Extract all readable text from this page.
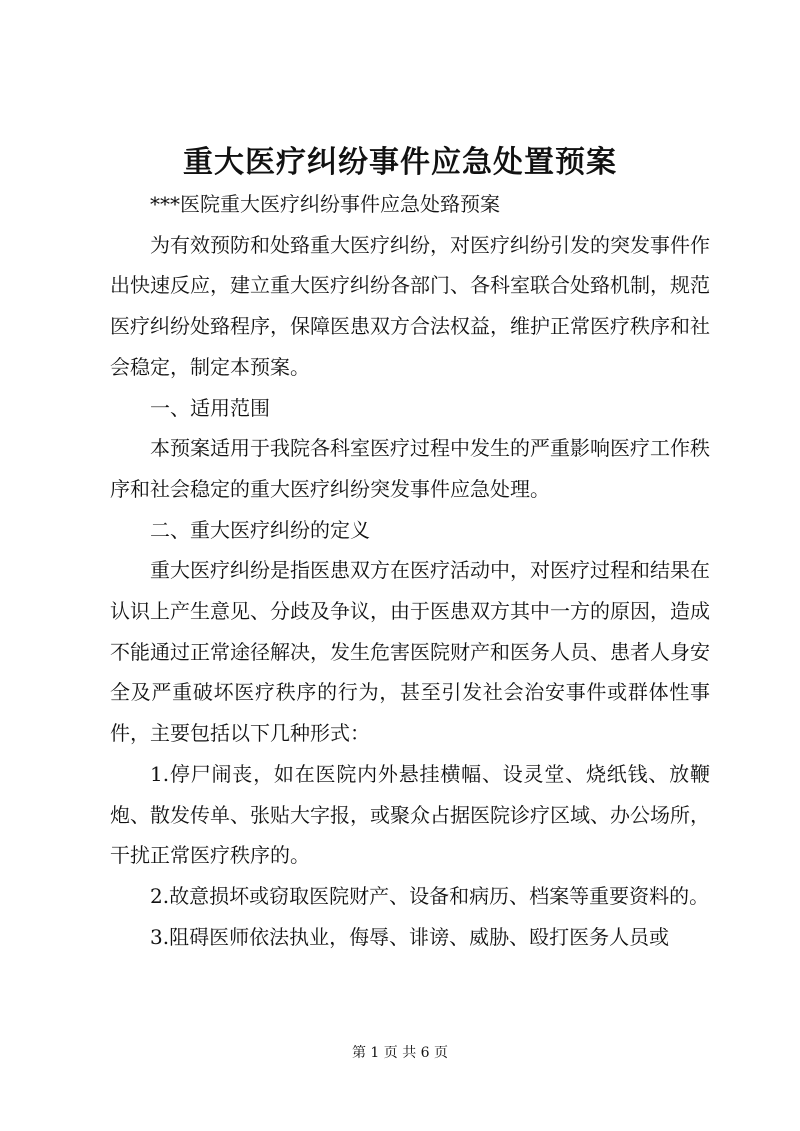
重大医疗纠纷事件应急处置预案

***医院重大医疗纠纷事件应急处臵预案

为有效预防和处臵重大医疗纠纷，对医疗纠纷引发的突发事件作出快速反应，建立重大医疗纠纷各部门、各科室联合处臵机制，规范医疗纠纷处臵程序，保障医患双方合法权益，维护正常医疗秩序和社会稳定，制定本预案。

一、适用范围

本预案适用于我院各科室医疗过程中发生的严重影响医疗工作秩序和社会稳定的重大医疗纠纷突发事件应急处理。

二、重大医疗纠纷的定义

重大医疗纠纷是指医患双方在医疗活动中，对医疗过程和结果在认识上产生意见、分歧及争议，由于医患双方其中一方的原因，造成不能通过正常途径解决，发生危害医院财产和医务人员、患者人身安全及严重破坏医疗秩序的行为，甚至引发社会治安事件或群体性事件，主要包括以下几种形式：

1.停尸闹丧，如在医院内外悬挂横幅、设灵堂、烧纸钱、放鞭炮、散发传单、张贴大字报，或聚众占据医院诊疗区域、办公场所，干扰正常医疗秩序的。

2.故意损坏或窃取医院财产、设备和病历、档案等重要资料的。

3.阻碍医师依法执业，侮辱、诽谤、威胁、殴打医务人员或

第 1 页 共 6 页
